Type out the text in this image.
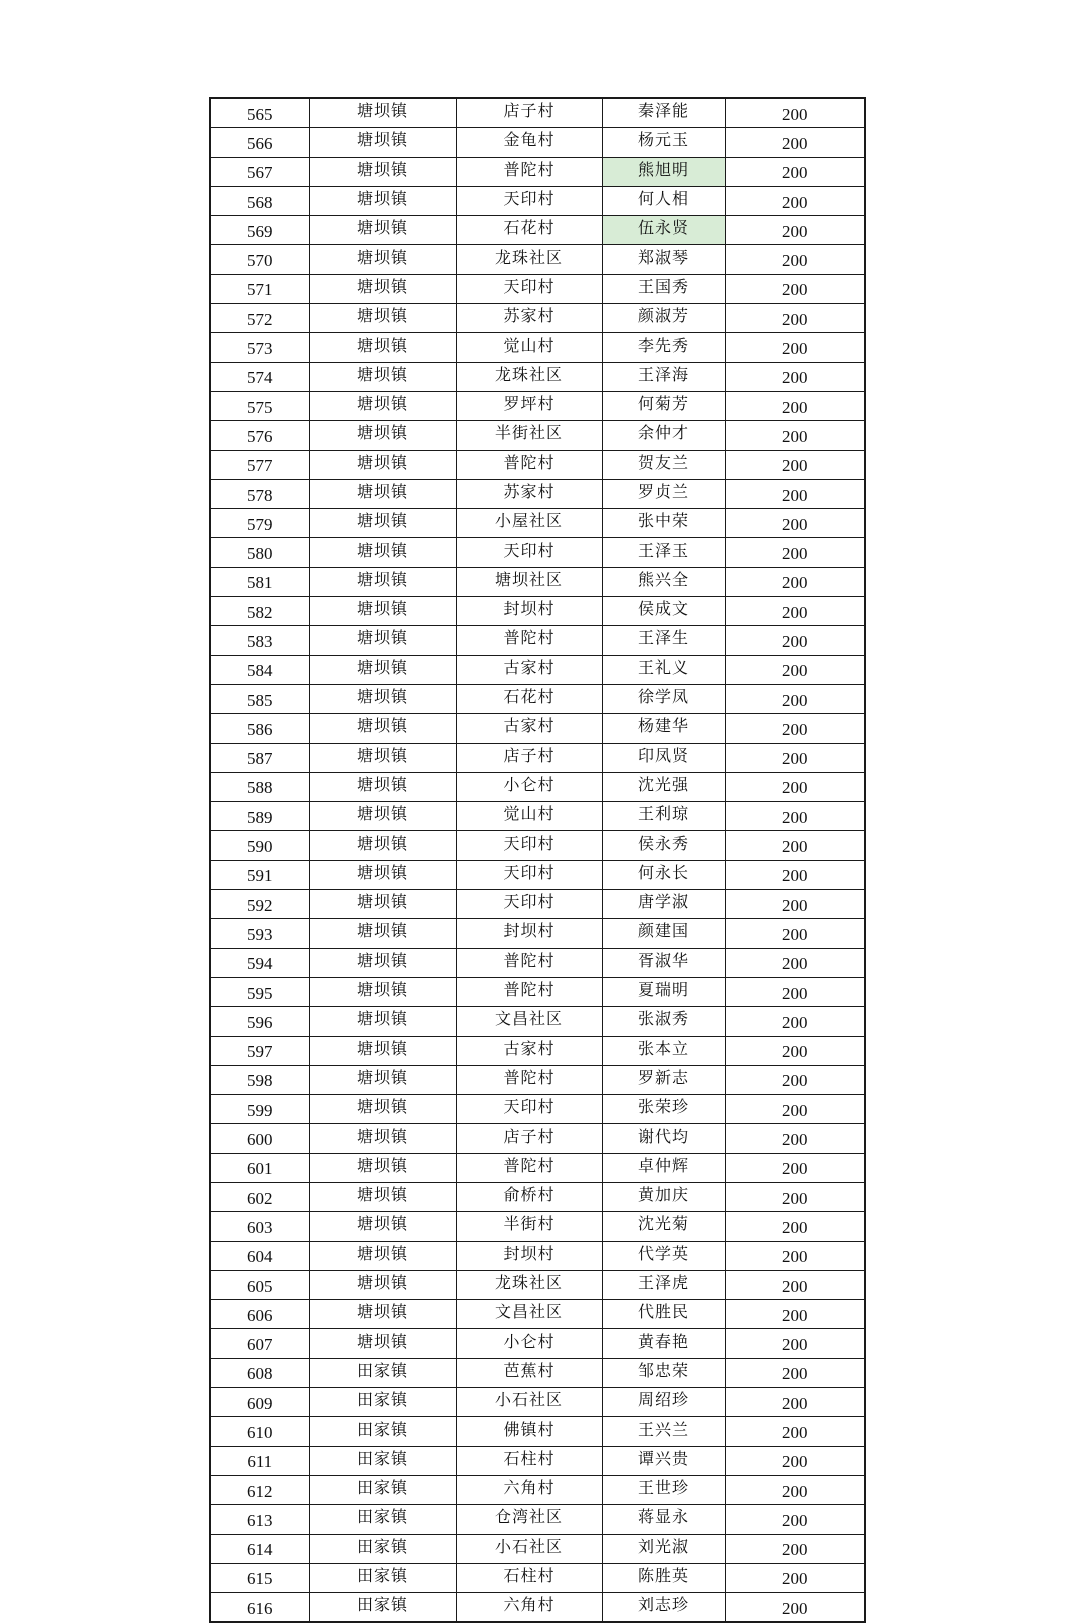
565	塘坝镇	店子村	秦泽能	200
566	塘坝镇	金龟村	杨元玉	200
567	塘坝镇	普陀村	熊旭明	200
568	塘坝镇	天印村	何人相	200
569	塘坝镇	石花村	伍永贤	200
570	塘坝镇	龙珠社区	郑淑琴	200
571	塘坝镇	天印村	王国秀	200
572	塘坝镇	苏家村	颜淑芳	200
573	塘坝镇	觉山村	李先秀	200
574	塘坝镇	龙珠社区	王泽海	200
575	塘坝镇	罗坪村	何菊芳	200
576	塘坝镇	半街社区	余仲才	200
577	塘坝镇	普陀村	贺友兰	200
578	塘坝镇	苏家村	罗贞兰	200
579	塘坝镇	小屋社区	张中荣	200
580	塘坝镇	天印村	王泽玉	200
581	塘坝镇	塘坝社区	熊兴全	200
582	塘坝镇	封坝村	侯成文	200
583	塘坝镇	普陀村	王泽生	200
584	塘坝镇	古家村	王礼义	200
585	塘坝镇	石花村	徐学凤	200
586	塘坝镇	古家村	杨建华	200
587	塘坝镇	店子村	印凤贤	200
588	塘坝镇	小仑村	沈光强	200
589	塘坝镇	觉山村	王利琼	200
590	塘坝镇	天印村	侯永秀	200
591	塘坝镇	天印村	何永长	200
592	塘坝镇	天印村	唐学淑	200
593	塘坝镇	封坝村	颜建国	200
594	塘坝镇	普陀村	胥淑华	200
595	塘坝镇	普陀村	夏瑞明	200
596	塘坝镇	文昌社区	张淑秀	200
597	塘坝镇	古家村	张本立	200
598	塘坝镇	普陀村	罗新志	200
599	塘坝镇	天印村	张荣珍	200
600	塘坝镇	店子村	谢代均	200
601	塘坝镇	普陀村	卓仲辉	200
602	塘坝镇	俞桥村	黄加庆	200
603	塘坝镇	半街村	沈光菊	200
604	塘坝镇	封坝村	代学英	200
605	塘坝镇	龙珠社区	王泽虎	200
606	塘坝镇	文昌社区	代胜民	200
607	塘坝镇	小仑村	黄春艳	200
608	田家镇	芭蕉村	邹忠荣	200
609	田家镇	小石社区	周绍珍	200
610	田家镇	佛镇村	王兴兰	200
611	田家镇	石柱村	谭兴贵	200
612	田家镇	六角村	王世珍	200
613	田家镇	仓湾社区	蒋显永	200
614	田家镇	小石社区	刘光淑	200
615	田家镇	石柱村	陈胜英	200
616	田家镇	六角村	刘志珍	200
